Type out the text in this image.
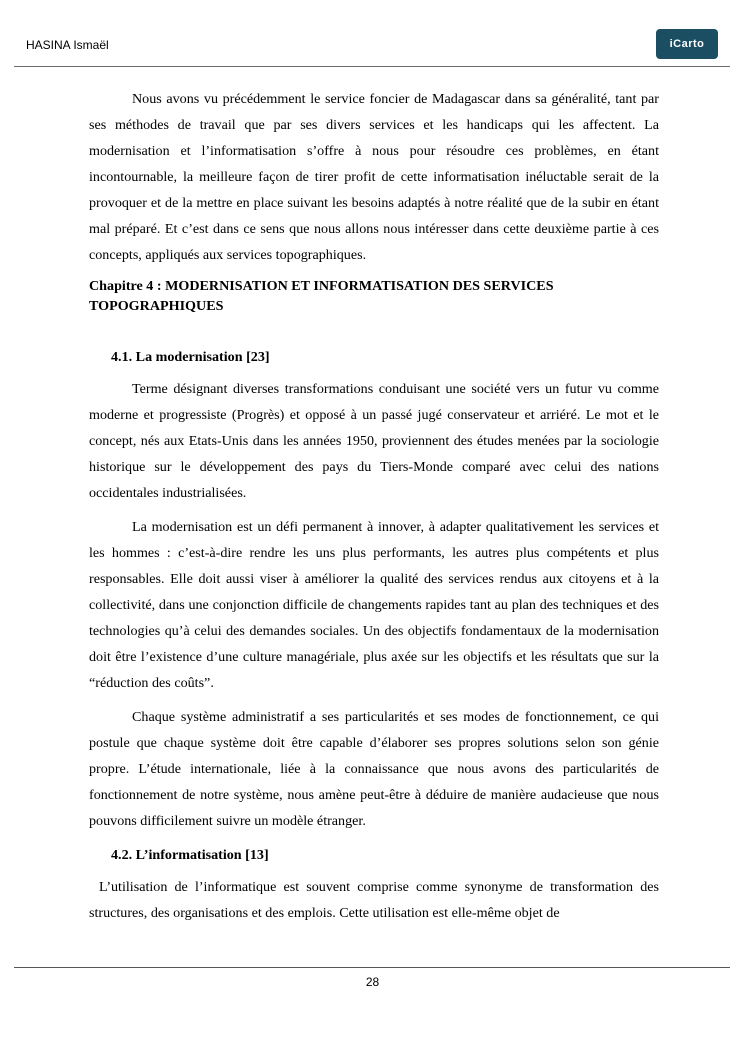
HASINA Ismaël	iCarto

Nous avons vu précédemment le service foncier de Madagascar dans sa généralité, tant par ses méthodes de travail que par ses divers services et les handicaps qui les affectent. La modernisation et l’informatisation s’offre à nous pour résoudre ces problèmes, en étant incontournable, la meilleure façon de tirer profit de cette informatisation inéluctable serait de la provoquer et de la mettre en place suivant les besoins adaptés à notre réalité que de la subir en étant mal préparé. Et c’est dans ce sens que nous allons nous intéresser dans cette deuxième partie à ces concepts, appliqués aux services topographiques.

Chapitre 4 : MODERNISATION ET INFORMATISATION DES SERVICES
TOPOGRAPHIQUES
4.1. La modernisation [23]

Terme désignant diverses transformations conduisant une société vers un futur vu comme moderne et progressiste (Progrès) et opposé à un passé jugé conservateur et arriéré. Le mot et le concept, nés aux Etats-Unis dans les années 1950, proviennent des études menées par la sociologie historique sur le développement des pays du Tiers-Monde comparé avec celui des nations occidentales industrialisées.

La modernisation est un défi permanent à innover, à adapter qualitativement les services et les hommes : c’est-à-dire rendre les uns plus performants, les autres plus compétents et plus responsables. Elle doit aussi viser à améliorer la qualité des services rendus aux citoyens et à la collectivité, dans une conjonction difficile de changements rapides tant au plan des techniques et des technologies qu’à celui des demandes sociales. Un des objectifs fondamentaux de la modernisation doit être l’existence d’une culture managériale, plus axée sur les objectifs et les résultats que sur la “réduction des coûts”.

Chaque système administratif a ses particularités et ses modes de fonctionnement, ce qui postule que chaque système doit être capable d’élaborer ses propres solutions selon son génie propre. L’étude internationale, liée à la connaissance que nous avons des particularités de fonctionnement de notre système, nous amène peut-être à déduire de manière audacieuse que nous pouvons difficilement suivre un modèle étranger.

4.2. L’informatisation [13]

L’utilisation de l’informatique est souvent comprise comme synonyme de transformation des structures, des organisations et des emplois. Cette utilisation est elle-même objet de

28
